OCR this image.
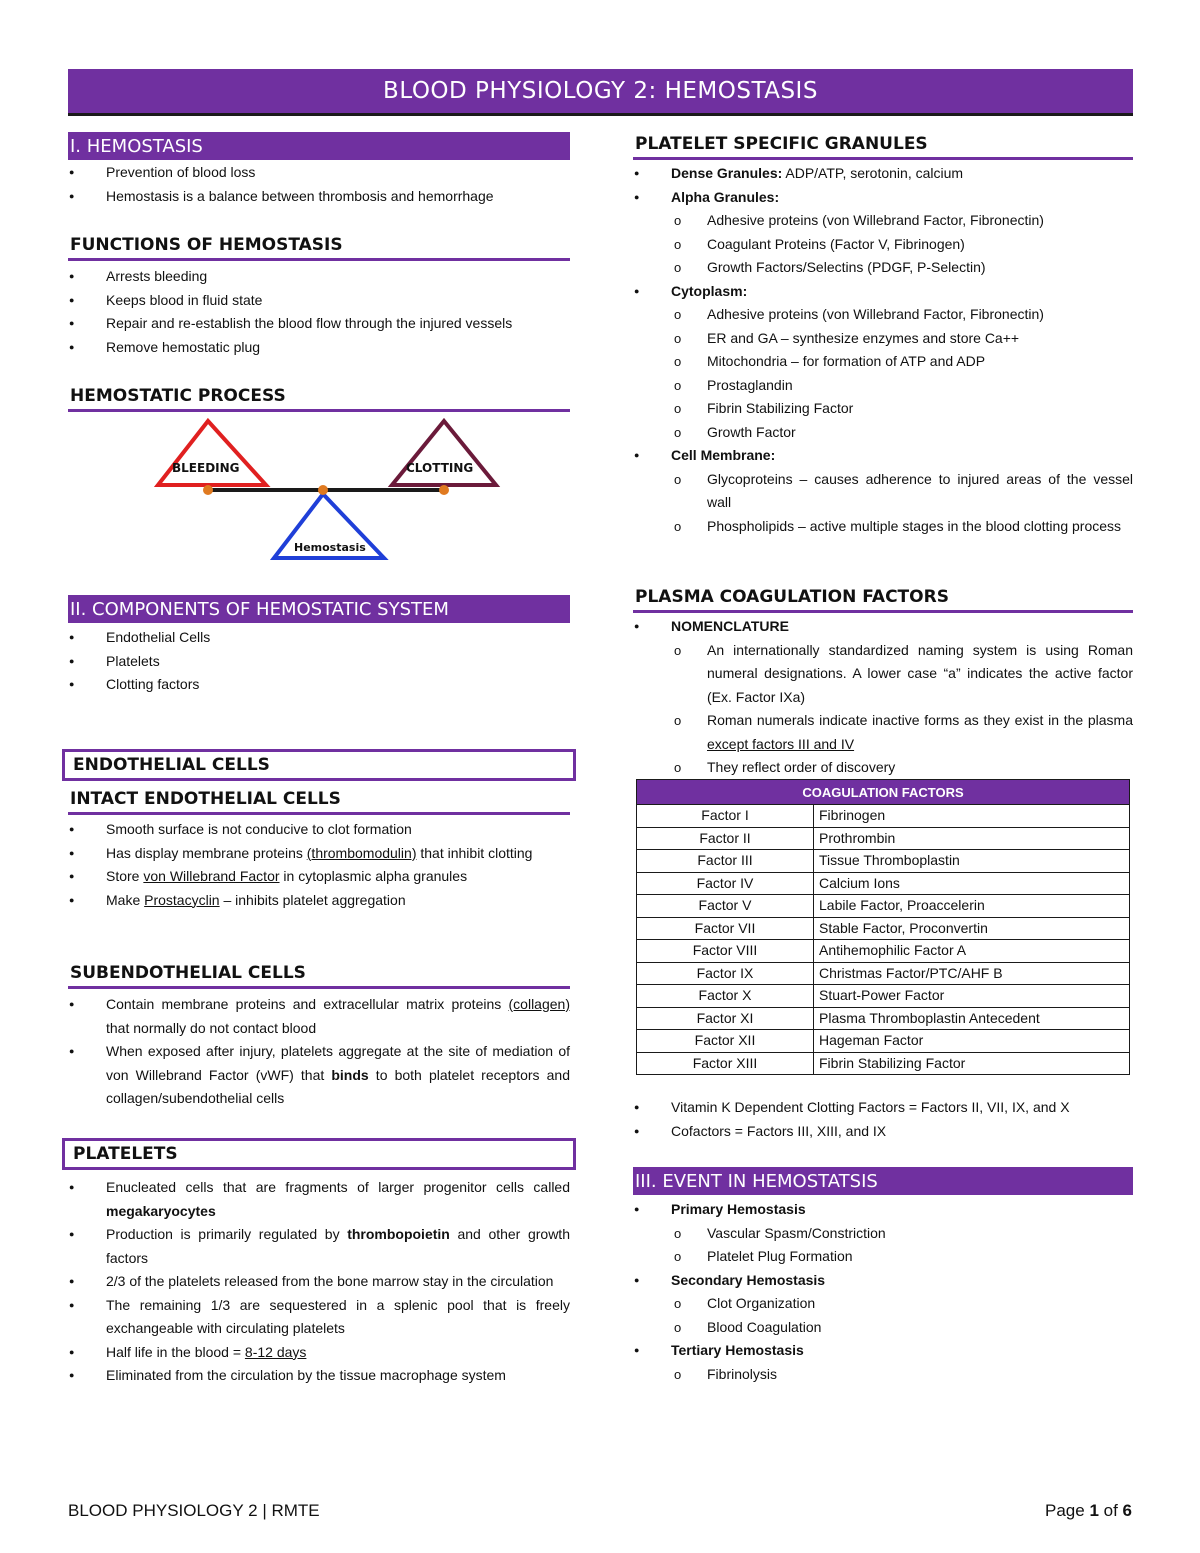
BLOOD PHYSIOLOGY 2: HEMOSTASIS
I. HEMOSTASIS
● Prevention of blood loss
● Hemostasis is a balance between thrombosis and hemorrhage
FUNCTIONS OF HEMOSTASIS
● Arrests bleeding
● Keeps blood in fluid state
● Repair and re-establish the blood flow through the injured vessels
● Remove hemostatic plug
HEMOSTATIC PROCESS
II. COMPONENTS OF HEMOSTATIC SYSTEM
● Endothelial Cells
● Platelets
● Clotting factors
ENDOTHELIAL CELLS
INTACT ENDOTHELIAL CELLS
● Smooth surface is not conducive to clot formation
● Has display membrane proteins (thrombomodulin) that inhibit clotting
● Store von Willebrand Factor in cytoplasmic alpha granules
● Make Prostacyclin – inhibits platelet aggregation
SUBENDOTHELIAL CELLS
● Contain membrane proteins and extracellular matrix proteins (collagen) that normally do not contact blood
● When exposed after injury, platelets aggregate at the site of mediation of von Willebrand Factor (vWF) that binds to both platelet receptors and collagen/subendothelial cells
PLATELETS
● Enucleated cells that are fragments of larger progenitor cells called megakaryocytes
● Production is primarily regulated by thrombopoietin and other growth factors
● 2/3 of the platelets released from the bone marrow stay in the circulation
● The remaining 1/3 are sequestered in a splenic pool that is freely exchangeable with circulating platelets
● Half life in the blood = 8-12 days
● Eliminated from the circulation by the tissue macrophage system
BLEEDING	CLOTTING
Hemostasis
PLATELET SPECIFIC GRANULES
● Dense Granules: ADP/ATP, serotonin, calcium
● Alpha Granules:
o Adhesive proteins (von Willebrand Factor, Fibronectin)
o Coagulant Proteins (Factor V, Fibrinogen)
o Growth Factors/Selectins (PDGF, P-Selectin)
● Cytoplasm:
o Adhesive proteins (von Willebrand Factor, Fibronectin)
o ER and GA – synthesize enzymes and store Ca++
o Mitochondria – for formation of ATP and ADP
o Prostaglandin
o Fibrin Stabilizing Factor
o Growth Factor
● Cell Membrane:
o Glycoproteins – causes adherence to injured areas of the vessel wall
o Phospholipids – active multiple stages in the blood clotting process
PLASMA COAGULATION FACTORS
● NOMENCLATURE
o An internationally standardized naming system is using Roman numeral designations. A lower case “a” indicates the active factor (Ex. Factor IXa)
o Roman numerals indicate inactive forms as they exist in the plasma except factors III and IV
o They reflect order of discovery
● Vitamin K Dependent Clotting Factors = Factors II, VII, IX, and X
● Cofactors = Factors III, XIII, and IX
III. EVENT IN HEMOSTATSIS
● Primary Hemostasis
o Vascular Spasm/Constriction
o Platelet Plug Formation
● Secondary Hemostasis
o Clot Organization
o Blood Coagulation
● Tertiary Hemostasis
o Fibrinolysis
COAGULATION FACTORS	
Factor I	Fibrinogen
Factor II	Prothrombin
Factor III	Tissue Thromboplastin
Factor IV	Calcium Ions
Factor V	Labile Factor, Proaccelerin
Factor VII	Stable Factor, Proconvertin
Factor VIII	Antihemophilic Factor A
Factor IX	Christmas Factor/PTC/AHF B
Factor X	Stuart-Power Factor
Factor XI	Plasma Thromboplastin Antecedent
Factor XII	Hageman Factor
Factor XIII	Fibrin Stabilizing Factor
BLOOD PHYSIOLOGY 2 | RMTE	Page 1 of 6
